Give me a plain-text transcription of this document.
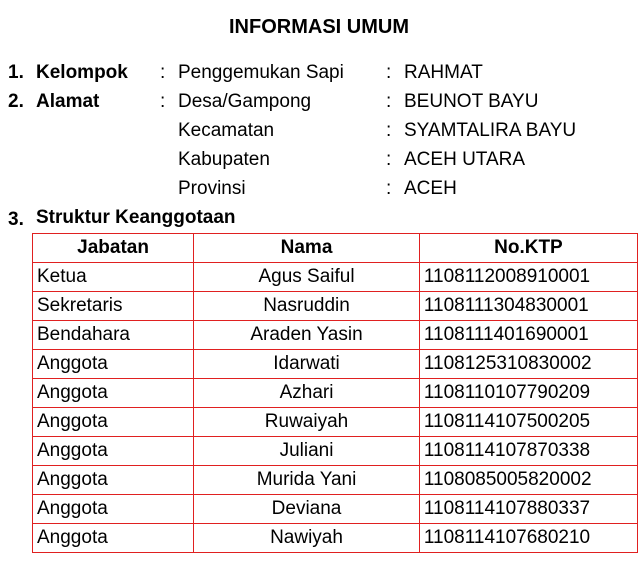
INFORMASI UMUM
1. Kelompok : Penggemukan Sapi : RAHMAT
2. Alamat	: Desa/Gampong	: BEUNOT BAYU
Kecamatan	: SYAMTALIRA BAYU
Kabupaten	: ACEH UTARA
Provinsi	: ACEH
3. Struktur Keanggotaan
Jabatan	Nama	No.KTP
Ketua	Agus Saiful	1108112008910001
Sekretaris	Nasruddin	1108111304830001
Bendahara	Araden Yasin	1108111401690001
Anggota	Idarwati	1108125310830002
Anggota	Azhari	1108110107790209
Anggota	Ruwaiyah	1108114107500205
Anggota	Juliani	1108114107870338
Anggota	Murida Yani	1108085005820002
Anggota	Deviana	1108114107880337
Anggota	Nawiyah	1108114107680210
